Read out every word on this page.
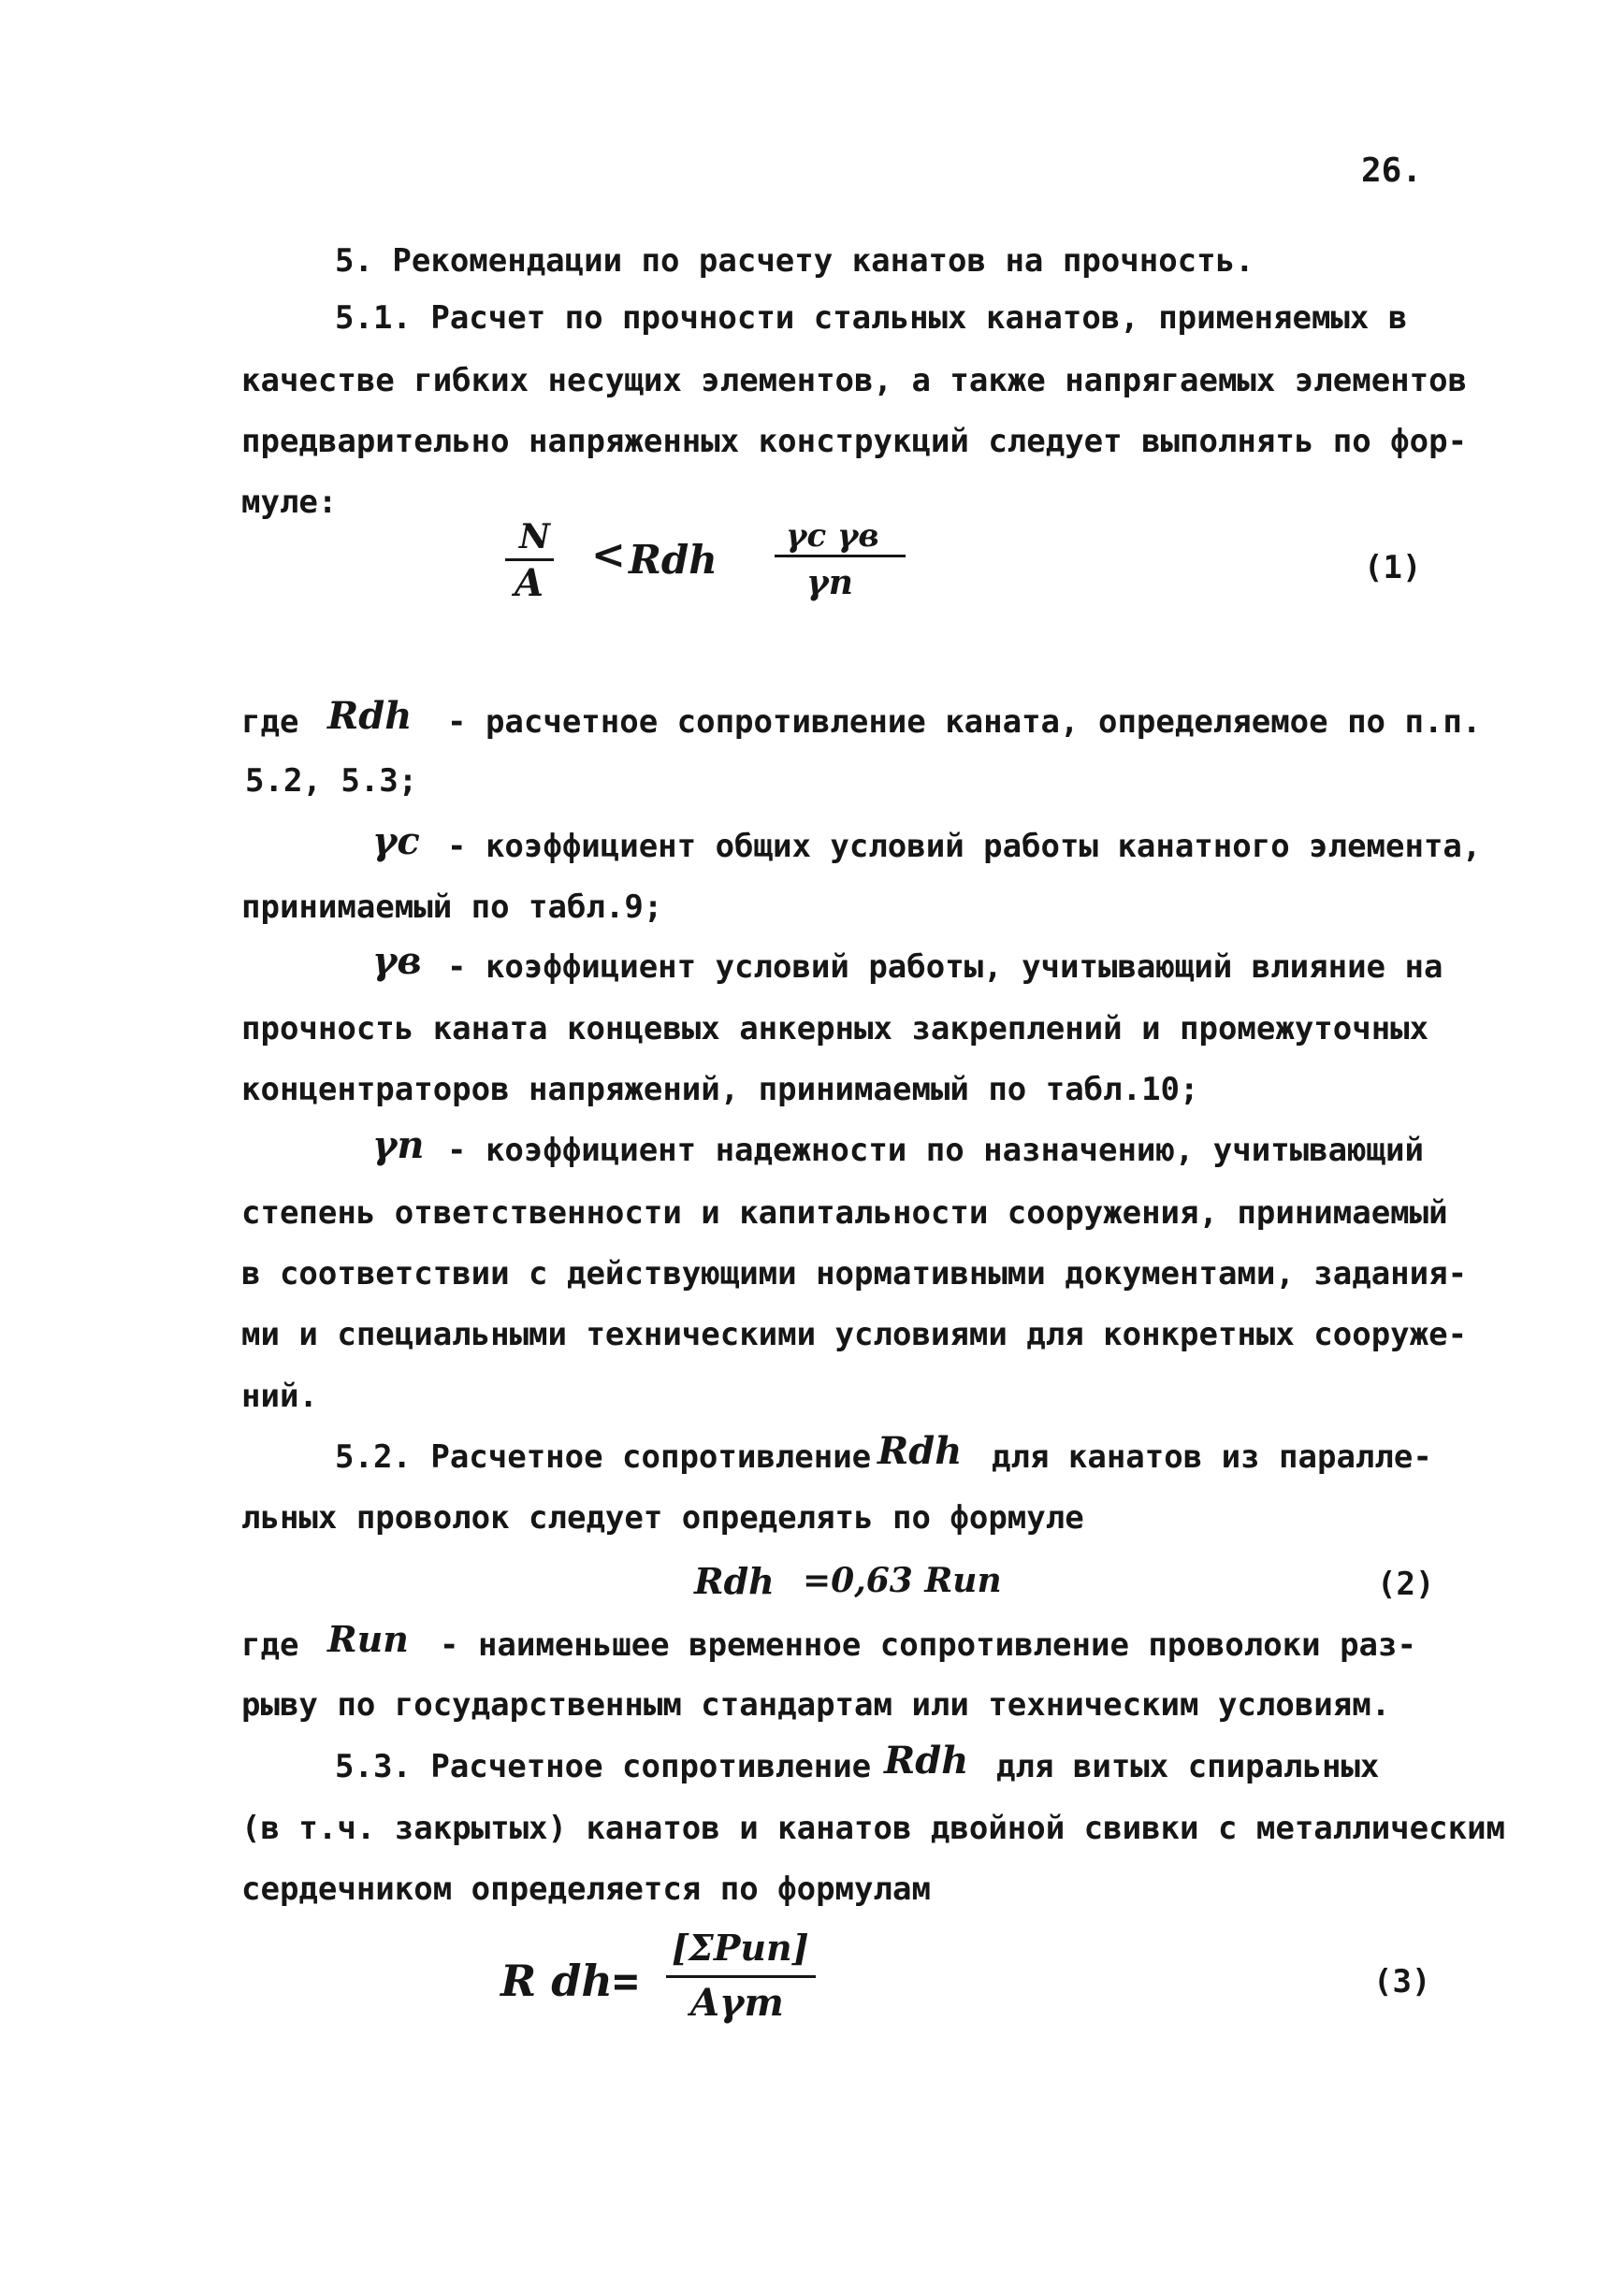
26.
5. Рекомендации по расчету канатов на прочность.
5.1. Расчет по прочности стальных канатов, применяемых в
качестве гибких несущих элементов, а также напрягаемых элементов
предварительно напряженных конструкций следует выполнять по фор-
муле:
N
A
< Rdh
γc γв
γn	(1)
где Rdh - расчетное сопротивление каната, определяемое по п.п.
5.2, 5.3;
γc - коэффициент общих условий работы канатного элемента,
принимаемый по табл.9;
γв - коэффициент условий работы, учитывающий влияние на
прочность каната концевых анкерных закреплений и промежуточных
концентраторов напряжений, принимаемый по табл.10;
γn - коэффициент надежности по назначению, учитывающий
степень ответственности и капитальности сооружения, принимаемый
в соответствии с действующими нормативными документами, задания-
ми и специальными техническими условиями для конкретных сооруже-
ний.
5.2. Расчетное сопротивление Rdh для канатов из паралле-
льных проволок следует определять по формуле
Rdh =0,63 Run	(2)
где Run - наименьшее временное сопротивление проволоки раз-
рыву по государственным стандартам или техническим условиям.
5.3. Расчетное сопротивление Rdh для витых спиральных
(в т.ч. закрытых) канатов и канатов двойной свивки с металлическим
сердечником определяется по формулам
R dh =
[ΣPun]
Aγm	(3)
